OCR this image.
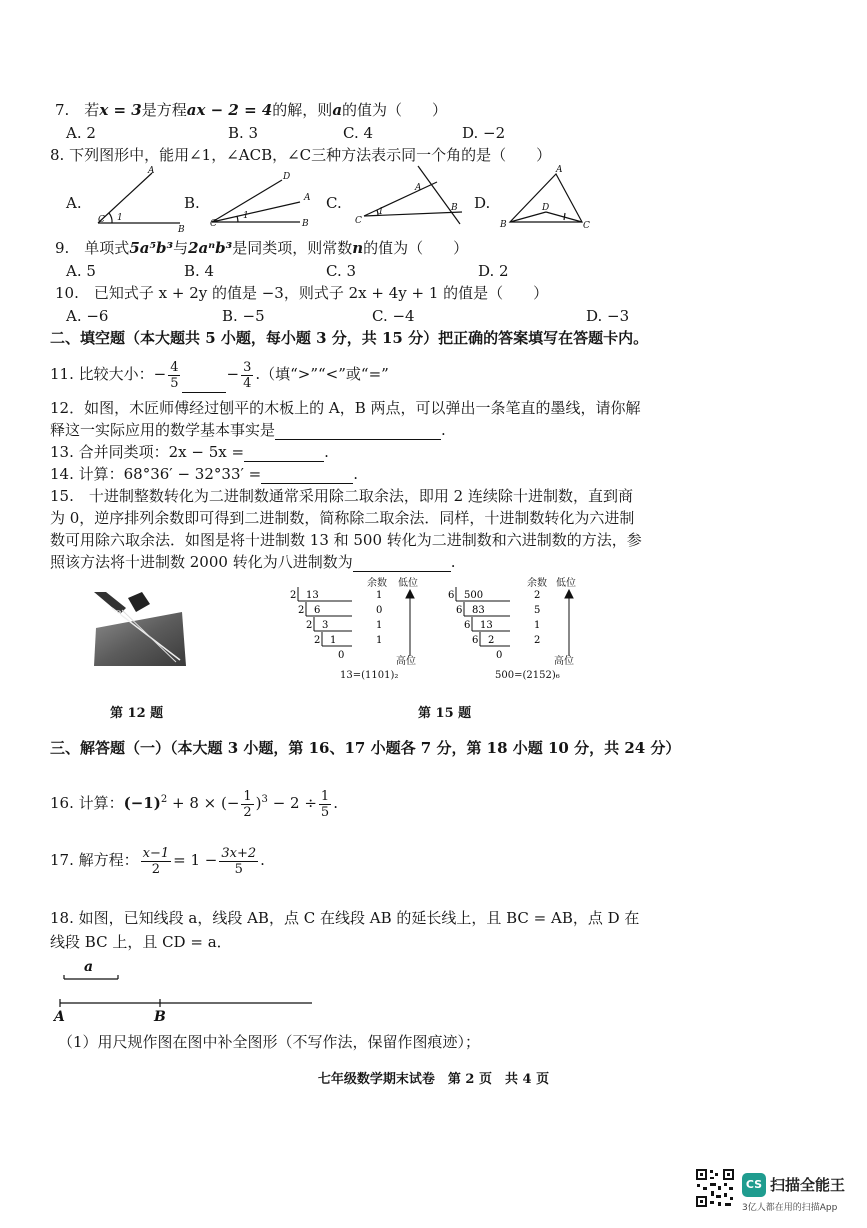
7.　若x = 3是方程ax − 2 = 4的解，则a的值为（　　）
A. 2	B. 3	C. 4	D. −2
8. 下列图形中，能用∠1，∠ACB，∠C三种方法表示同一个角的是（　　）
A.	B.	C.	D.
A
B
C 1
D
A
B
C
1
A
B
C
1
A
B	C
D
9.　单项式5a⁵b³与2aⁿb³是同类项，则常数n的值为（　　）
A. 5	B. 4	C. 3	D. 2
10.　已知式子 x + 2y 的值是 −3，则式子 2x + 4y + 1 的值是（　　）
A. −6	B. −5	C. −4	D. −3
二、填空题（本大题共 5 小题，每小题 3 分，共 15 分）把正确的答案填写在答题卡内。
11. 比较大小：− $\frac{4}{5}$	− $\frac{3}{4}$ .（填“>”“<”或“=”
12．如图，木匠师傅经过刨平的木板上的 A，B 两点，可以弹出一条笔直的墨线，请你解
释这一实际应用的数学基本事实是	.
13. 合并同类项：2x − 5x =	.
14. 计算：68°36′ − 32°33′ =	.
15.　十进制整数转化为二进制数通常采用除二取余法，即用 2 连续除十进制数，直到商
为 0，逆序排列余数即可得到二进制数，简称除二取余法．同样，十进制数转化为六进制
数可用除六取余法．如图是将十进制数 13 和 500 转化为二进制数和六进制数的方法，参
照该方法将十进制数 2000 转化为八进制数为	.
B
余数 低位
高位
余数 低位
高位
2 13	1
2 6	0
2 3	1
2 1	1
0
6 500	2
6 83	5
6 13	1
6 2	2
0
13=(1101)₂	500=(2152)₆
第 12 题	第 15 题
三、解答题（一）（本大题 3 小题，第 16、17 小题各 7 分，第 18 小题 10 分，共 24 分）
16. 计算：$(-1)^2 + 8$ × (− $\frac{1}{2} )^3 - 2 \div \frac{1}{5}$ .
17. 解方程： $\frac{x-1}{2} = 1 - \frac{3x+2}{5}$ .
18. 如图，已知线段 a，线段 AB，点 C 在线段 AB 的延长线上，且 BC = AB，点 D 在
线段 BC 上，且 CD = a．
a
A	B
（1）用尺规作图在图中补全图形（不写作法，保留作图痕迹）；
七年级数学期末试卷　第 2 页　共 4 页
CS 扫描全能王
3亿人都在用的扫描App
